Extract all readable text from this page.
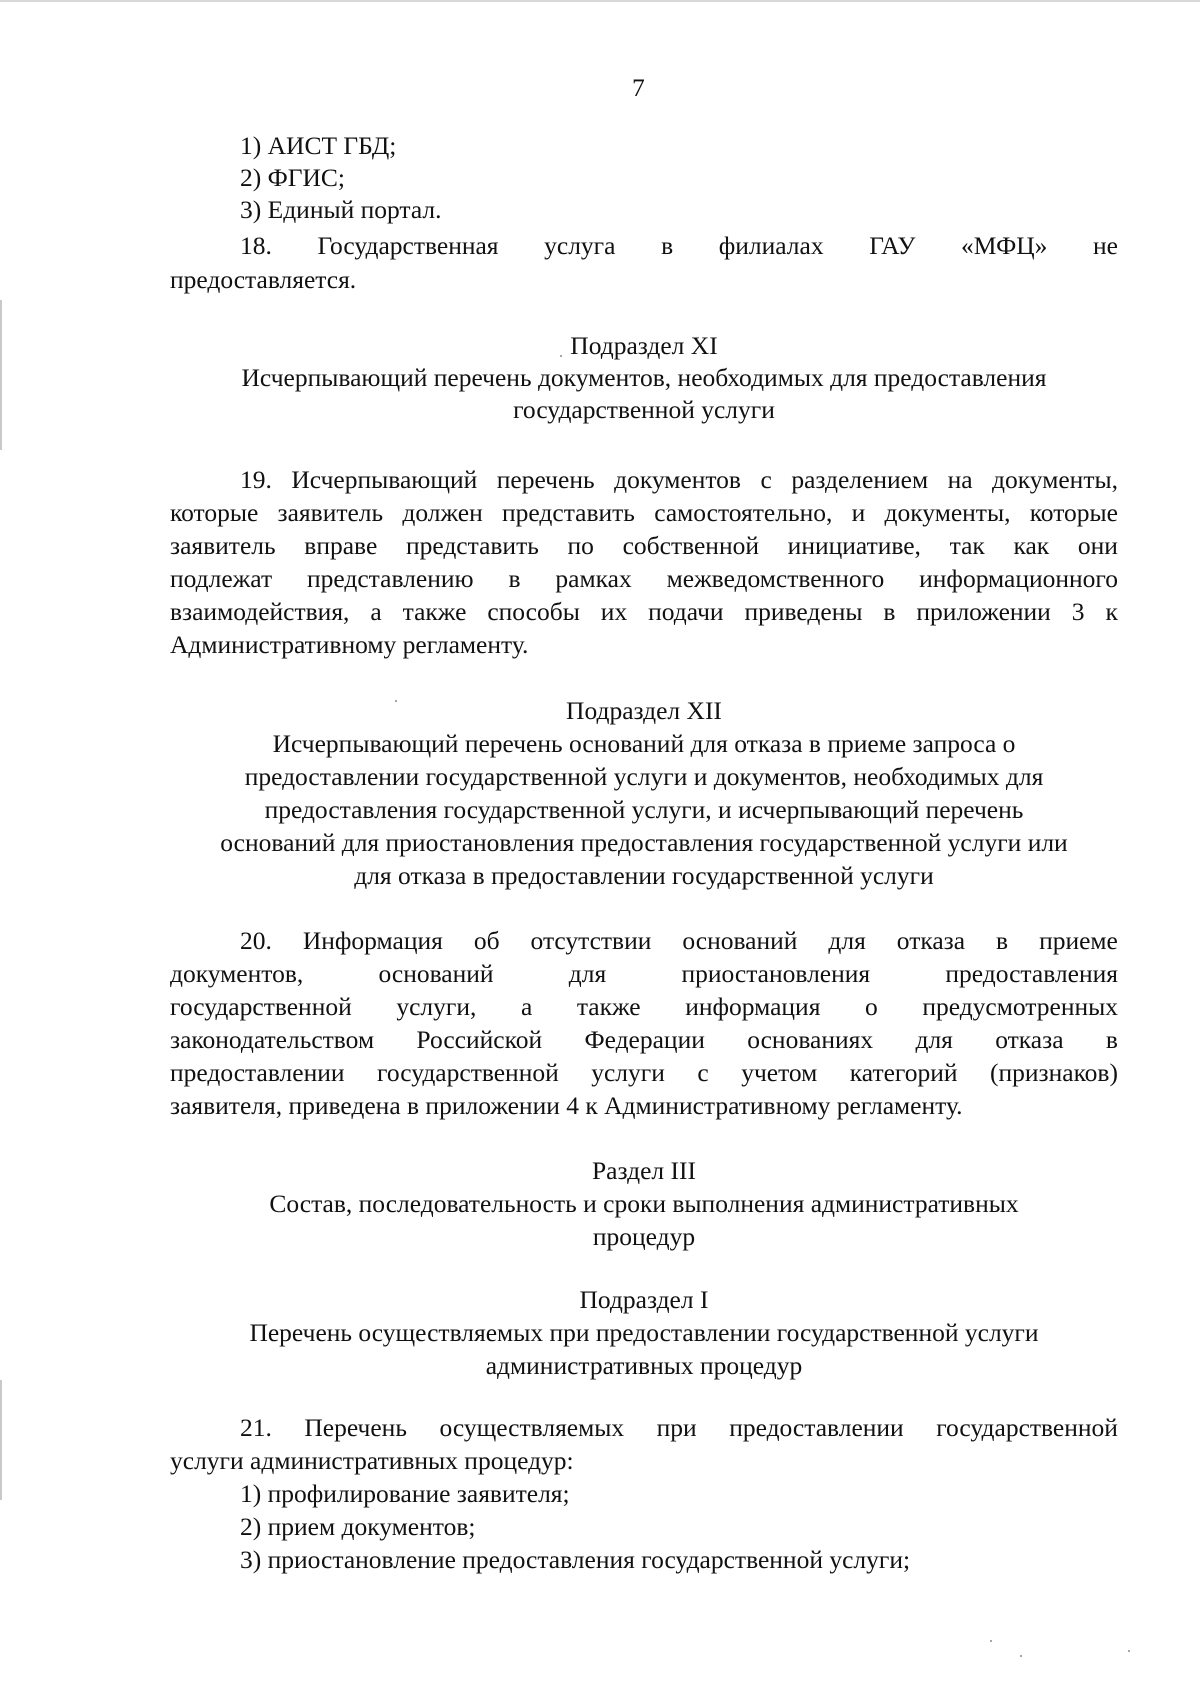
7
1) АИСТ ГБД;
2) ФГИС;
3) Единый портал.
18. Государственная услуга в филиалах ГАУ «МФЦ» не
предоставляется.
Подраздел XI
Исчерпывающий перечень документов, необходимых для предоставления
государственной услуги
19. Исчерпывающий перечень документов с разделением на документы,
которые заявитель должен представить самостоятельно, и документы, которые
заявитель вправе представить по собственной инициативе, так как они
подлежат представлению в рамках межведомственного информационного
взаимодействия, а также способы их подачи приведены в приложении 3 к
Административному регламенту.
Подраздел XII
Исчерпывающий перечень оснований для отказа в приеме запроса о
предоставлении государственной услуги и документов, необходимых для
предоставления государственной услуги, и исчерпывающий перечень
оснований для приостановления предоставления государственной услуги или
для отказа в предоставлении государственной услуги
20. Информация об отсутствии оснований для отказа в приеме
документов,	оснований	для	приостановления	предоставления
государственной услуги, а также информация о предусмотренных
законодательством Российской Федерации основаниях для отказа в
предоставлении государственной услуги с учетом категорий (признаков)
заявителя, приведена в приложении 4 к Административному регламенту.
Раздел III
Состав, последовательность и сроки выполнения административных
процедур
Подраздел I
Перечень осуществляемых при предоставлении государственной услуги
административных процедур
21. Перечень осуществляемых при предоставлении государственной
услуги административных процедур:
1) профилирование заявителя;
2) прием документов;
3) приостановление предоставления государственной услуги;
